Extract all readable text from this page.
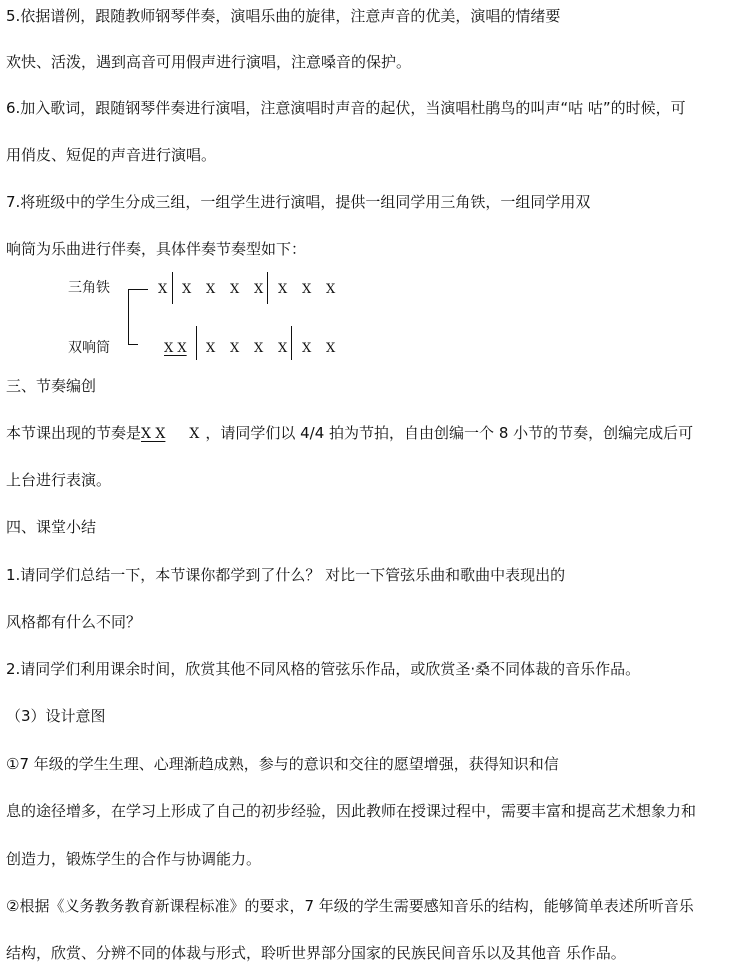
5.依据谱例，跟随教师钢琴伴奏，演唱乐曲的旋律，注意声音的优美，演唱的情绪要
欢快、活泼，遇到高音可用假声进行演唱，注意嗓音的保护。
6.加入歌词，跟随钢琴伴奏进行演唱，注意演唱时声音的起伏，当演唱杜鹃鸟的叫声“咕 咕”的时候，可
用俏皮、短促的声音进行演唱。
7.将班级中的学生分成三组，一组学生进行演唱，提供一组同学用三角铁，一组同学用双
响筒为乐曲进行伴奏，具体伴奏节奏型如下：
三角铁
双响筒
X X X X X X X X
X X X X X X X X
三、节奏编创
本节课出现的节奏是X X X ，请同学们以 4/4 拍为节拍，自由创编一个 8 小节的节奏，创编完成后可
上台进行表演。
四、课堂小结
1.请同学们总结一下，本节课你都学到了什么？ 对比一下管弦乐曲和歌曲中表现出的
风格都有什么不同？
2.请同学们利用课余时间，欣赏其他不同风格的管弦乐作品，或欣赏圣·桑不同体裁的音乐作品。
（3）设计意图
①7 年级的学生生理、心理渐趋成熟，参与的意识和交往的愿望增强，获得知识和信
息的途径增多，在学习上形成了自己的初步经验，因此教师在授课过程中，需要丰富和提高艺术想象力和
创造力，锻炼学生的合作与协调能力。
②根据《义务教务教育新课程标准》的要求，7 年级的学生需要感知音乐的结构，能够简单表述所听音乐
结构，欣赏、分辨不同的体裁与形式，聆听世界部分国家的民族民间音乐以及其他音 乐作品。
